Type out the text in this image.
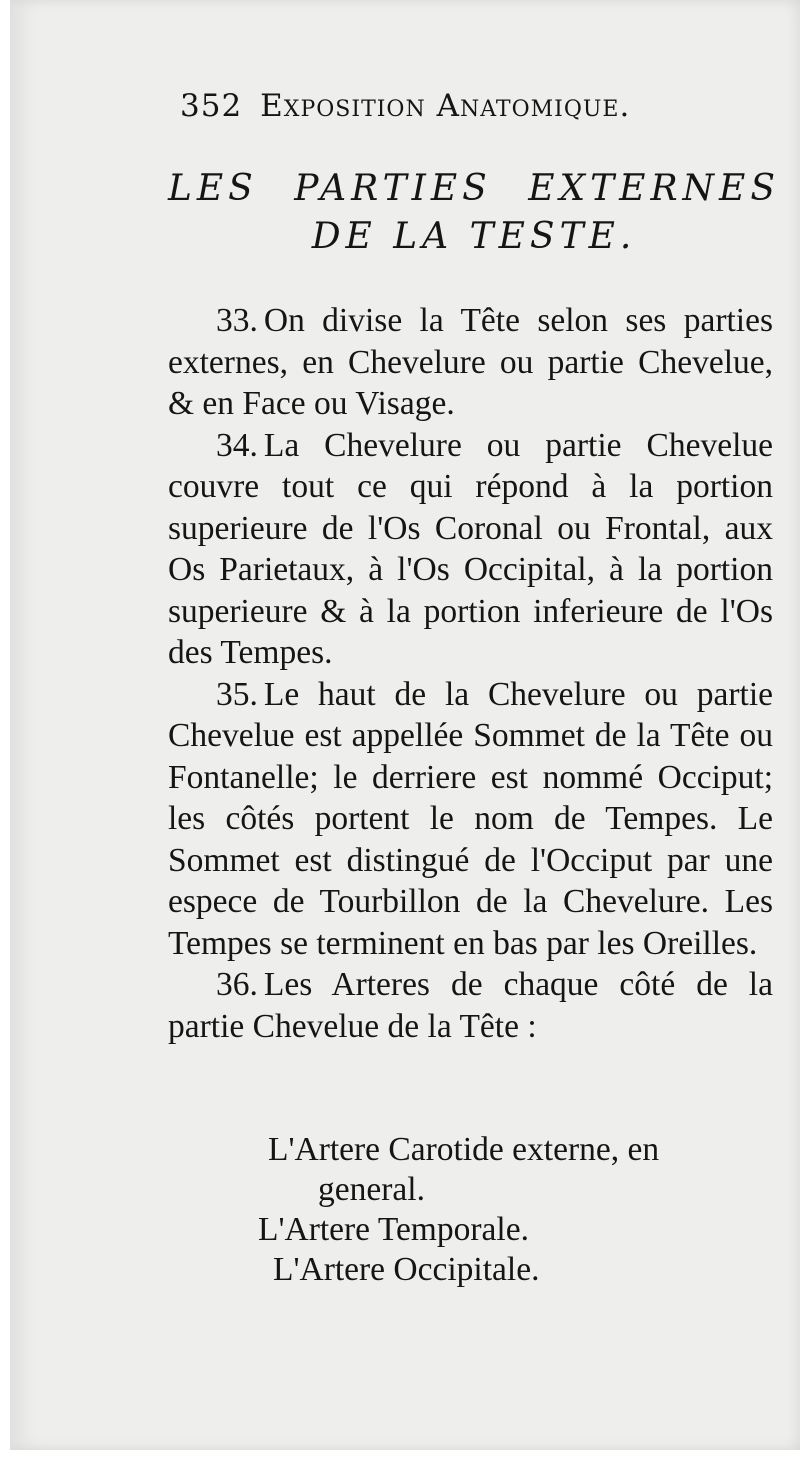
352 Exposition Anatomique.
LES PARTIES EXTERNES
DE LA TESTE.

33. On divise la Tête selon ses parties externes, en Chevelure ou partie Chevelue, & en Face ou Visage.

34. La Chevelure ou partie Chevelue couvre tout ce qui répond à la portion superieure de l'Os Coronal ou Frontal, aux Os Parietaux, à l'Os Occipital, à la portion superieure & à la portion inferieure de l'Os des Tempes.

35. Le haut de la Chevelure ou partie Chevelue est appellée Sommet de la Tête ou Fontanelle; le derriere est nommé Occiput; les côtés portent le nom de Tempes. Le Sommet est distingué de l'Occiput par une espece de Tourbillon de la Chevelure. Les Tempes se terminent en bas par les Oreilles.

36. Les Arteres de chaque côté de la partie Chevelue de la Tête :

L'Artere Carotide externe, en
general.
L'Artere Temporale.
L'Artere Occipitale.
